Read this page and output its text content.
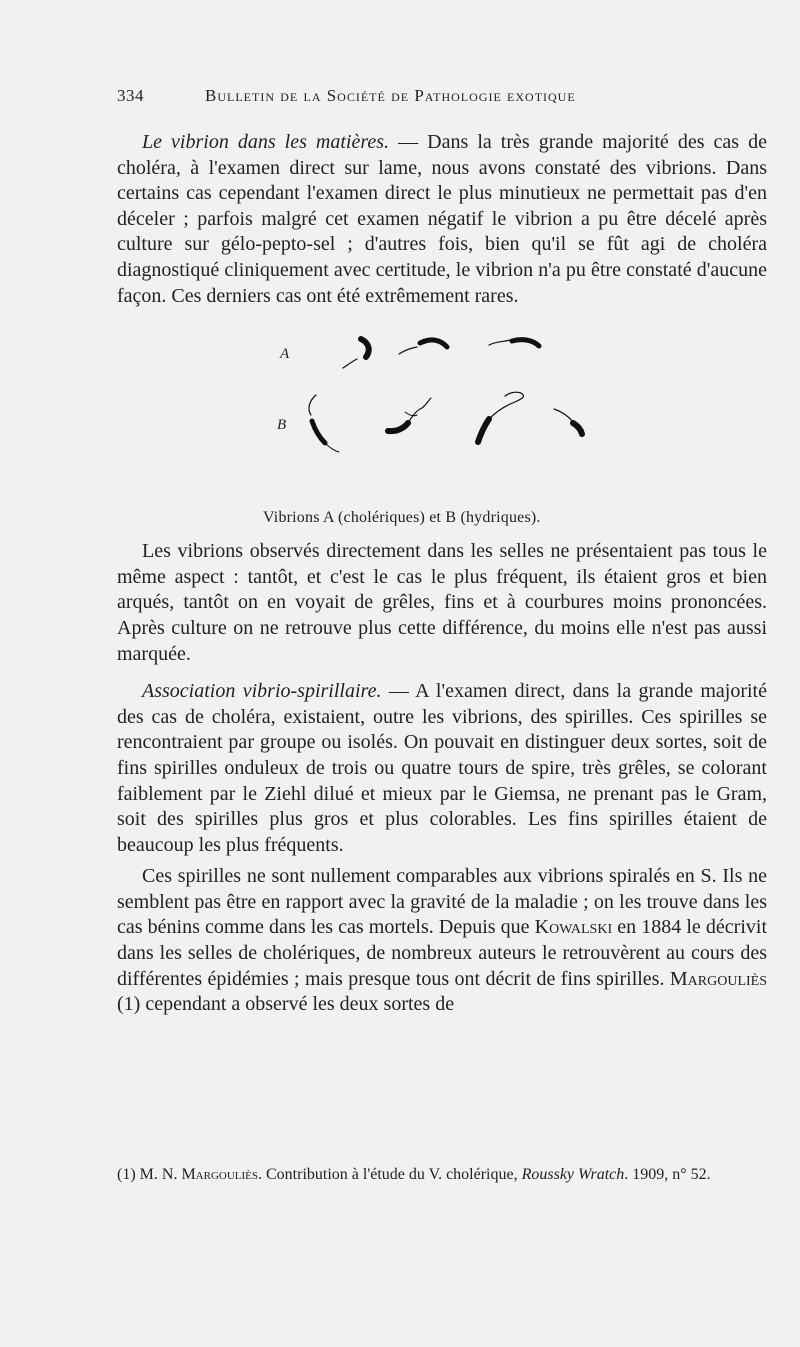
334	Bulletin de la Société de Pathologie exotique

Le vibrion dans les matières. — Dans la très grande majorité des cas de choléra, à l'examen direct sur lame, nous avons constaté des vibrions. Dans certains cas cependant l'examen direct le plus minutieux ne permettait pas d'en déceler ; parfois malgré cet examen négatif le vibrion a pu être décelé après culture sur gélo-pepto-sel ; d'autres fois, bien qu'il se fût agi de choléra diagnostiqué cliniquement avec certitude, le vibrion n'a pu être constaté d'aucune façon. Ces derniers cas ont été extrêmement rares.

A
B
Vibrions A (cholériques) et B (hydriques).

Les vibrions observés directement dans les selles ne présentaient pas tous le même aspect : tantôt, et c'est le cas le plus fréquent, ils étaient gros et bien arqués, tantôt on en voyait de grêles, fins et à courbures moins prononcées. Après culture on ne retrouve plus cette différence, du moins elle n'est pas aussi marquée.

Association vibrio-spirillaire. — A l'examen direct, dans la grande majorité des cas de choléra, existaient, outre les vibrions, des spirilles. Ces spirilles se rencontraient par groupe ou isolés. On pouvait en distinguer deux sortes, soit de fins spirilles onduleux de trois ou quatre tours de spire, très grêles, se colorant faiblement par le Ziehl dilué et mieux par le Giemsa, ne prenant pas le Gram, soit des spirilles plus gros et plus colorables. Les fins spirilles étaient de beaucoup les plus fréquents.

Ces spirilles ne sont nullement comparables aux vibrions spiralés en S. Ils ne semblent pas être en rapport avec la gravité de la maladie ; on les trouve dans les cas bénins comme dans les cas mortels. Depuis que Kowalski en 1884 le décrivit dans les selles de cholériques, de nombreux auteurs le retrouvèrent au cours des différentes épidémies ; mais presque tous ont décrit de fins spirilles. Margouliès (1) cependant a observé les deux sortes de

(1) M. N. Margouliès. Contribution à l'étude du V. cholérique, Roussky Wratch. 1909, n° 52.
